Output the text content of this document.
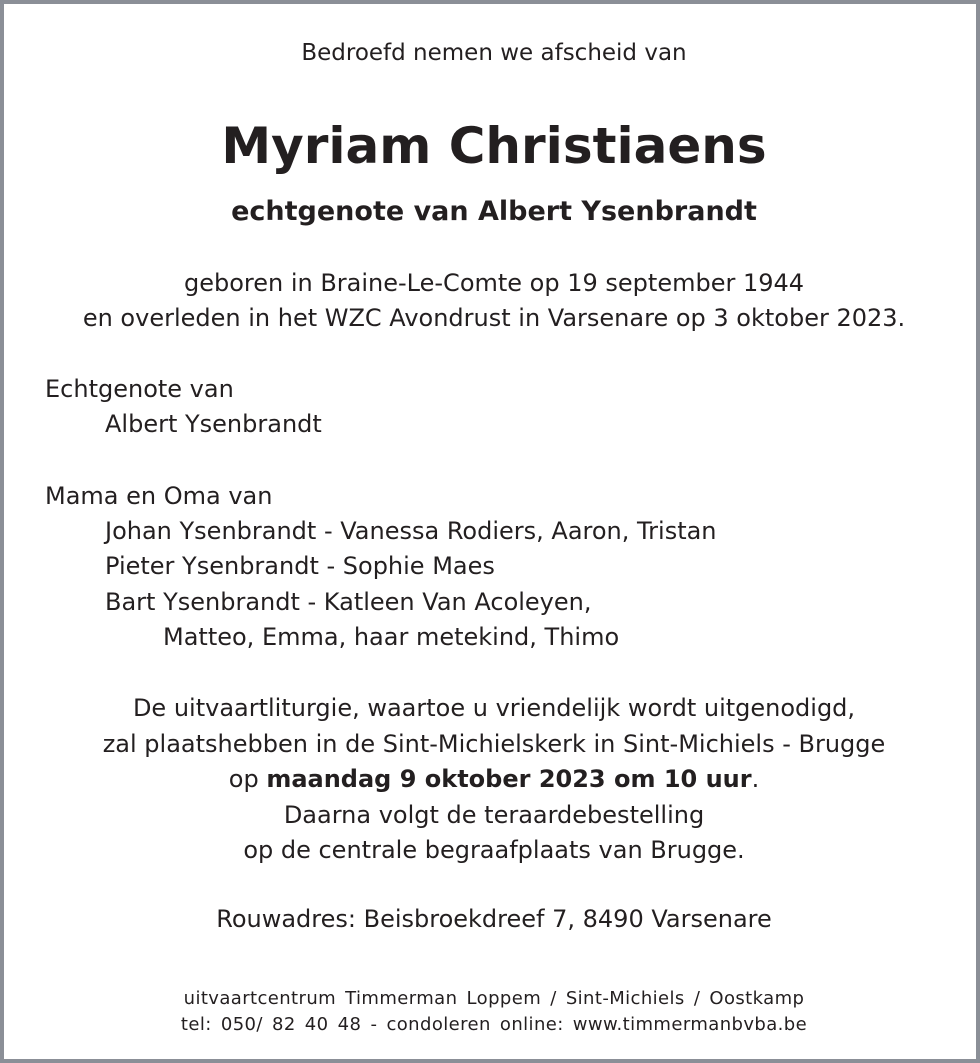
Bedroefd nemen we afscheid van
Myriam Christiaens
echtgenote van Albert Ysenbrandt
geboren in Braine-Le-Comte op 19 september 1944
en overleden in het WZC Avondrust in Varsenare op 3 oktober 2023.
Echtgenote van
Albert Ysenbrandt
Mama en Oma van
Johan Ysenbrandt - Vanessa Rodiers, Aaron, Tristan
Pieter Ysenbrandt - Sophie Maes
Bart Ysenbrandt - Katleen Van Acoleyen,
Matteo, Emma, haar metekind, Thimo
De uitvaartliturgie, waartoe u vriendelijk wordt uitgenodigd,
zal plaatshebben in de Sint-Michielskerk in Sint-Michiels - Brugge
op maandag 9 oktober 2023 om 10 uur.
Daarna volgt de teraardebestelling
op de centrale begraafplaats van Brugge.
Rouwadres: Beisbroekdreef 7, 8490 Varsenare
uitvaartcentrum Timmerman Loppem / Sint-Michiels / Oostkamp
tel: 050/ 82 40 48 - condoleren online: www.timmermanbvba.be
